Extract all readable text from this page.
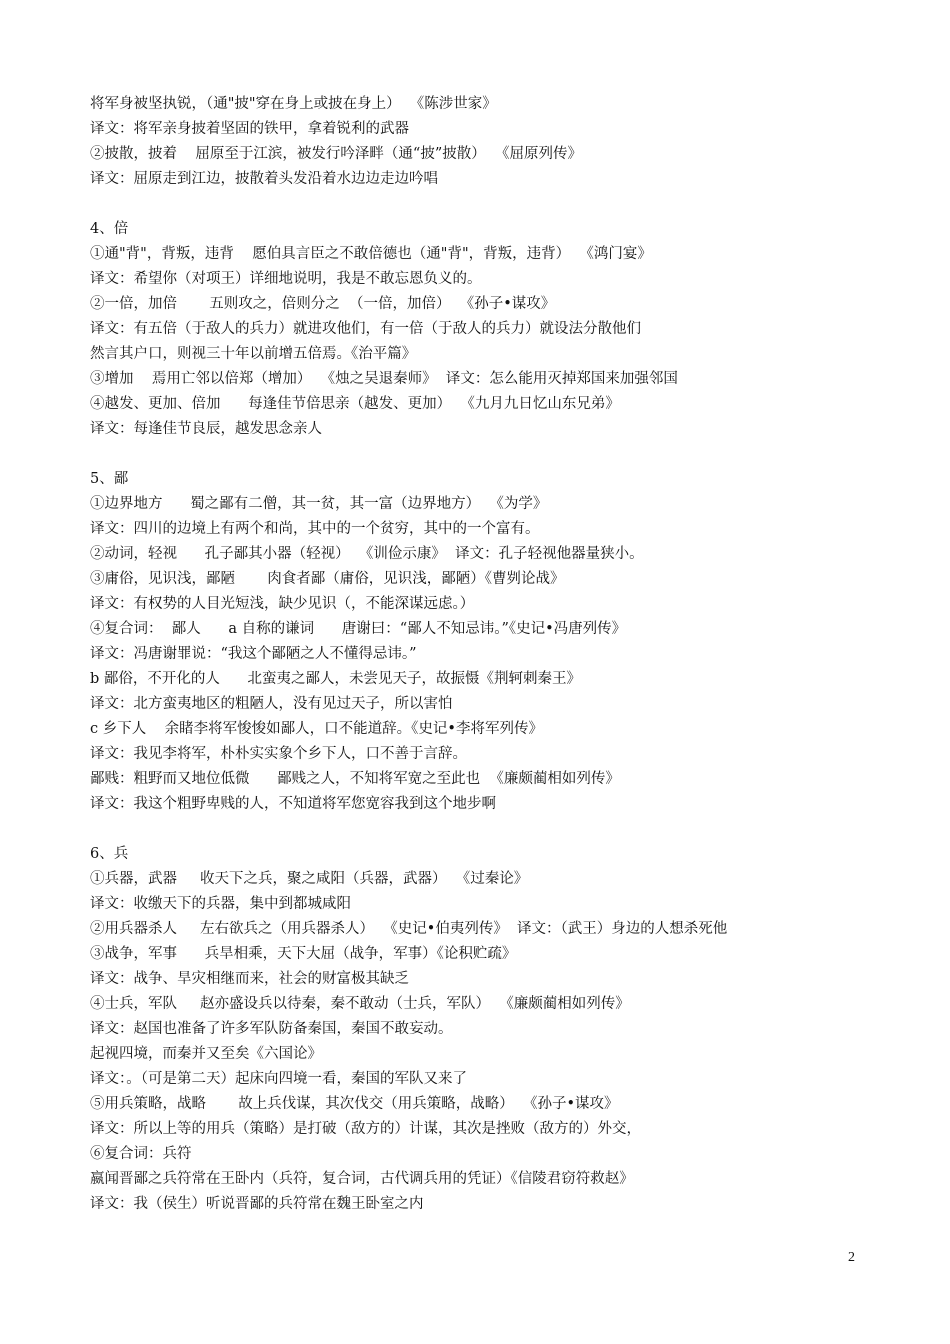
将军身被坚执锐，（通"披"穿在身上或披在身上）  《陈涉世家》
译文：将军亲身披着坚固的铁甲，拿着锐利的武器
②披散，披着    屈原至于江滨，被发行吟泽畔（通“披”披散）  《屈原列传》
译文：屈原走到江边，披散着头发沿着水边边走边吟唱
4、倍
①通"背"，背叛，违背    愿伯具言臣之不敢倍德也（通"背"，背叛，违背）  《鸿门宴》
译文：希望你（对项王）详细地说明，我是不敢忘恩负义的。
②一倍，加倍       五则攻之，倍则分之  （一倍，加倍）  《孙子•谋攻》
译文：有五倍（于敌人的兵力）就进攻他们，有一倍（于敌人的兵力）就设法分散他们
然言其户口，则视三十年以前增五倍焉。《治平篇》
③增加    焉用亡邻以倍郑（增加）  《烛之吴退秦师》  译文：怎么能用灭掉郑国来加强邻国
④越发、更加、倍加      每逢佳节倍思亲（越发、更加）  《九月九日忆山东兄弟》
译文：每逢佳节良辰，越发思念亲人
5、鄙
①边界地方      蜀之鄙有二僧，其一贫，其一富（边界地方）  《为学》
译文：四川的边境上有两个和尚，其中的一个贫穷，其中的一个富有。
②动词，轻视      孔子鄙其小器（轻视）  《训俭示康》  译文：孔子轻视他器量狭小。
③庸俗，见识浅，鄙陋       肉食者鄙（庸俗，见识浅，鄙陋）《曹刿论战》
译文：有权势的人目光短浅，缺少见识（，不能深谋远虑。）
④复合词：  鄙人      a 自称的谦词      唐谢曰：“鄙人不知忌讳。”《史记•冯唐列传》
译文：冯唐谢罪说：“我这个鄙陋之人不懂得忌讳。”
b 鄙俗，不开化的人      北蛮夷之鄙人，未尝见天子，故振慑《荆轲刺秦王》
译文：北方蛮夷地区的粗陋人，没有见过天子，所以害怕
c 乡下人    余睹李将军悛悛如鄙人，口不能道辞。《史记•李将军列传》
译文：我见李将军，朴朴实实象个乡下人，口不善于言辞。
鄙贱：粗野而又地位低微      鄙贱之人，不知将军宽之至此也  《廉颇蔺相如列传》
译文：我这个粗野卑贱的人，不知道将军您宽容我到这个地步啊
6、兵
①兵器，武器     收天下之兵，聚之咸阳（兵器，武器）  《过秦论》
译文：收缴天下的兵器，集中到都城咸阳
②用兵器杀人     左右欲兵之（用兵器杀人）  《史记•伯夷列传》  译文：（武王）身边的人想杀死他
③战争，军事      兵旱相乘，天下大屈（战争，军事）《论积贮疏》
译文：战争、旱灾相继而来，社会的财富极其缺乏
④士兵，军队     赵亦盛设兵以待秦，秦不敢动（士兵，军队）  《廉颇蔺相如列传》
译文：赵国也准备了许多军队防备秦国，秦国不敢妄动。
起视四境，而秦并又至矣《六国论》
译文：。（可是第二天）起床向四境一看，秦国的军队又来了
⑤用兵策略，战略       故上兵伐谋，其次伐交（用兵策略，战略）  《孙子•谋攻》
译文：所以上等的用兵（策略）是打破（敌方的）计谋，其次是挫败（敌方的）外交，
⑥复合词：兵符
嬴闻晋鄙之兵符常在王卧内（兵符，复合词，古代调兵用的凭证）《信陵君窃符救赵》
译文：我（侯生）听说晋鄙的兵符常在魏王卧室之内
2
